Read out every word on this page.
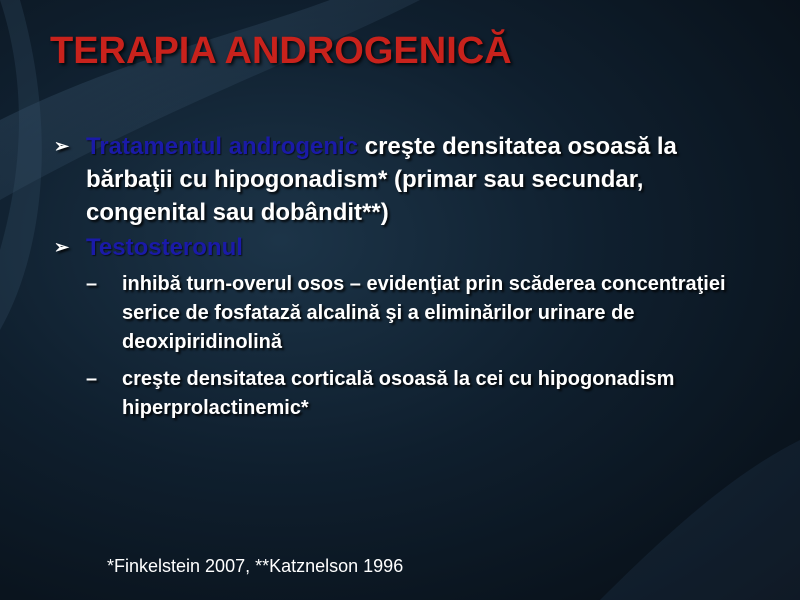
TERAPIA ANDROGENICĂ
➢ Tratamentul androgenic creşte densitatea osoasă la bărbaţii cu hipogonadism* (primar sau secundar, congenital sau dobândit**)
➢ Testosteronul
– inhibă turn-overul osos – evidenţiat prin scăderea concentraţiei serice de fosfatază alcalină şi a eliminărilor urinare de deoxipiridinolină
– creşte densitatea corticală osoasă la cei cu hipogonadism hiperprolactinemic*
*Finkelstein 2007, **Katznelson 1996
